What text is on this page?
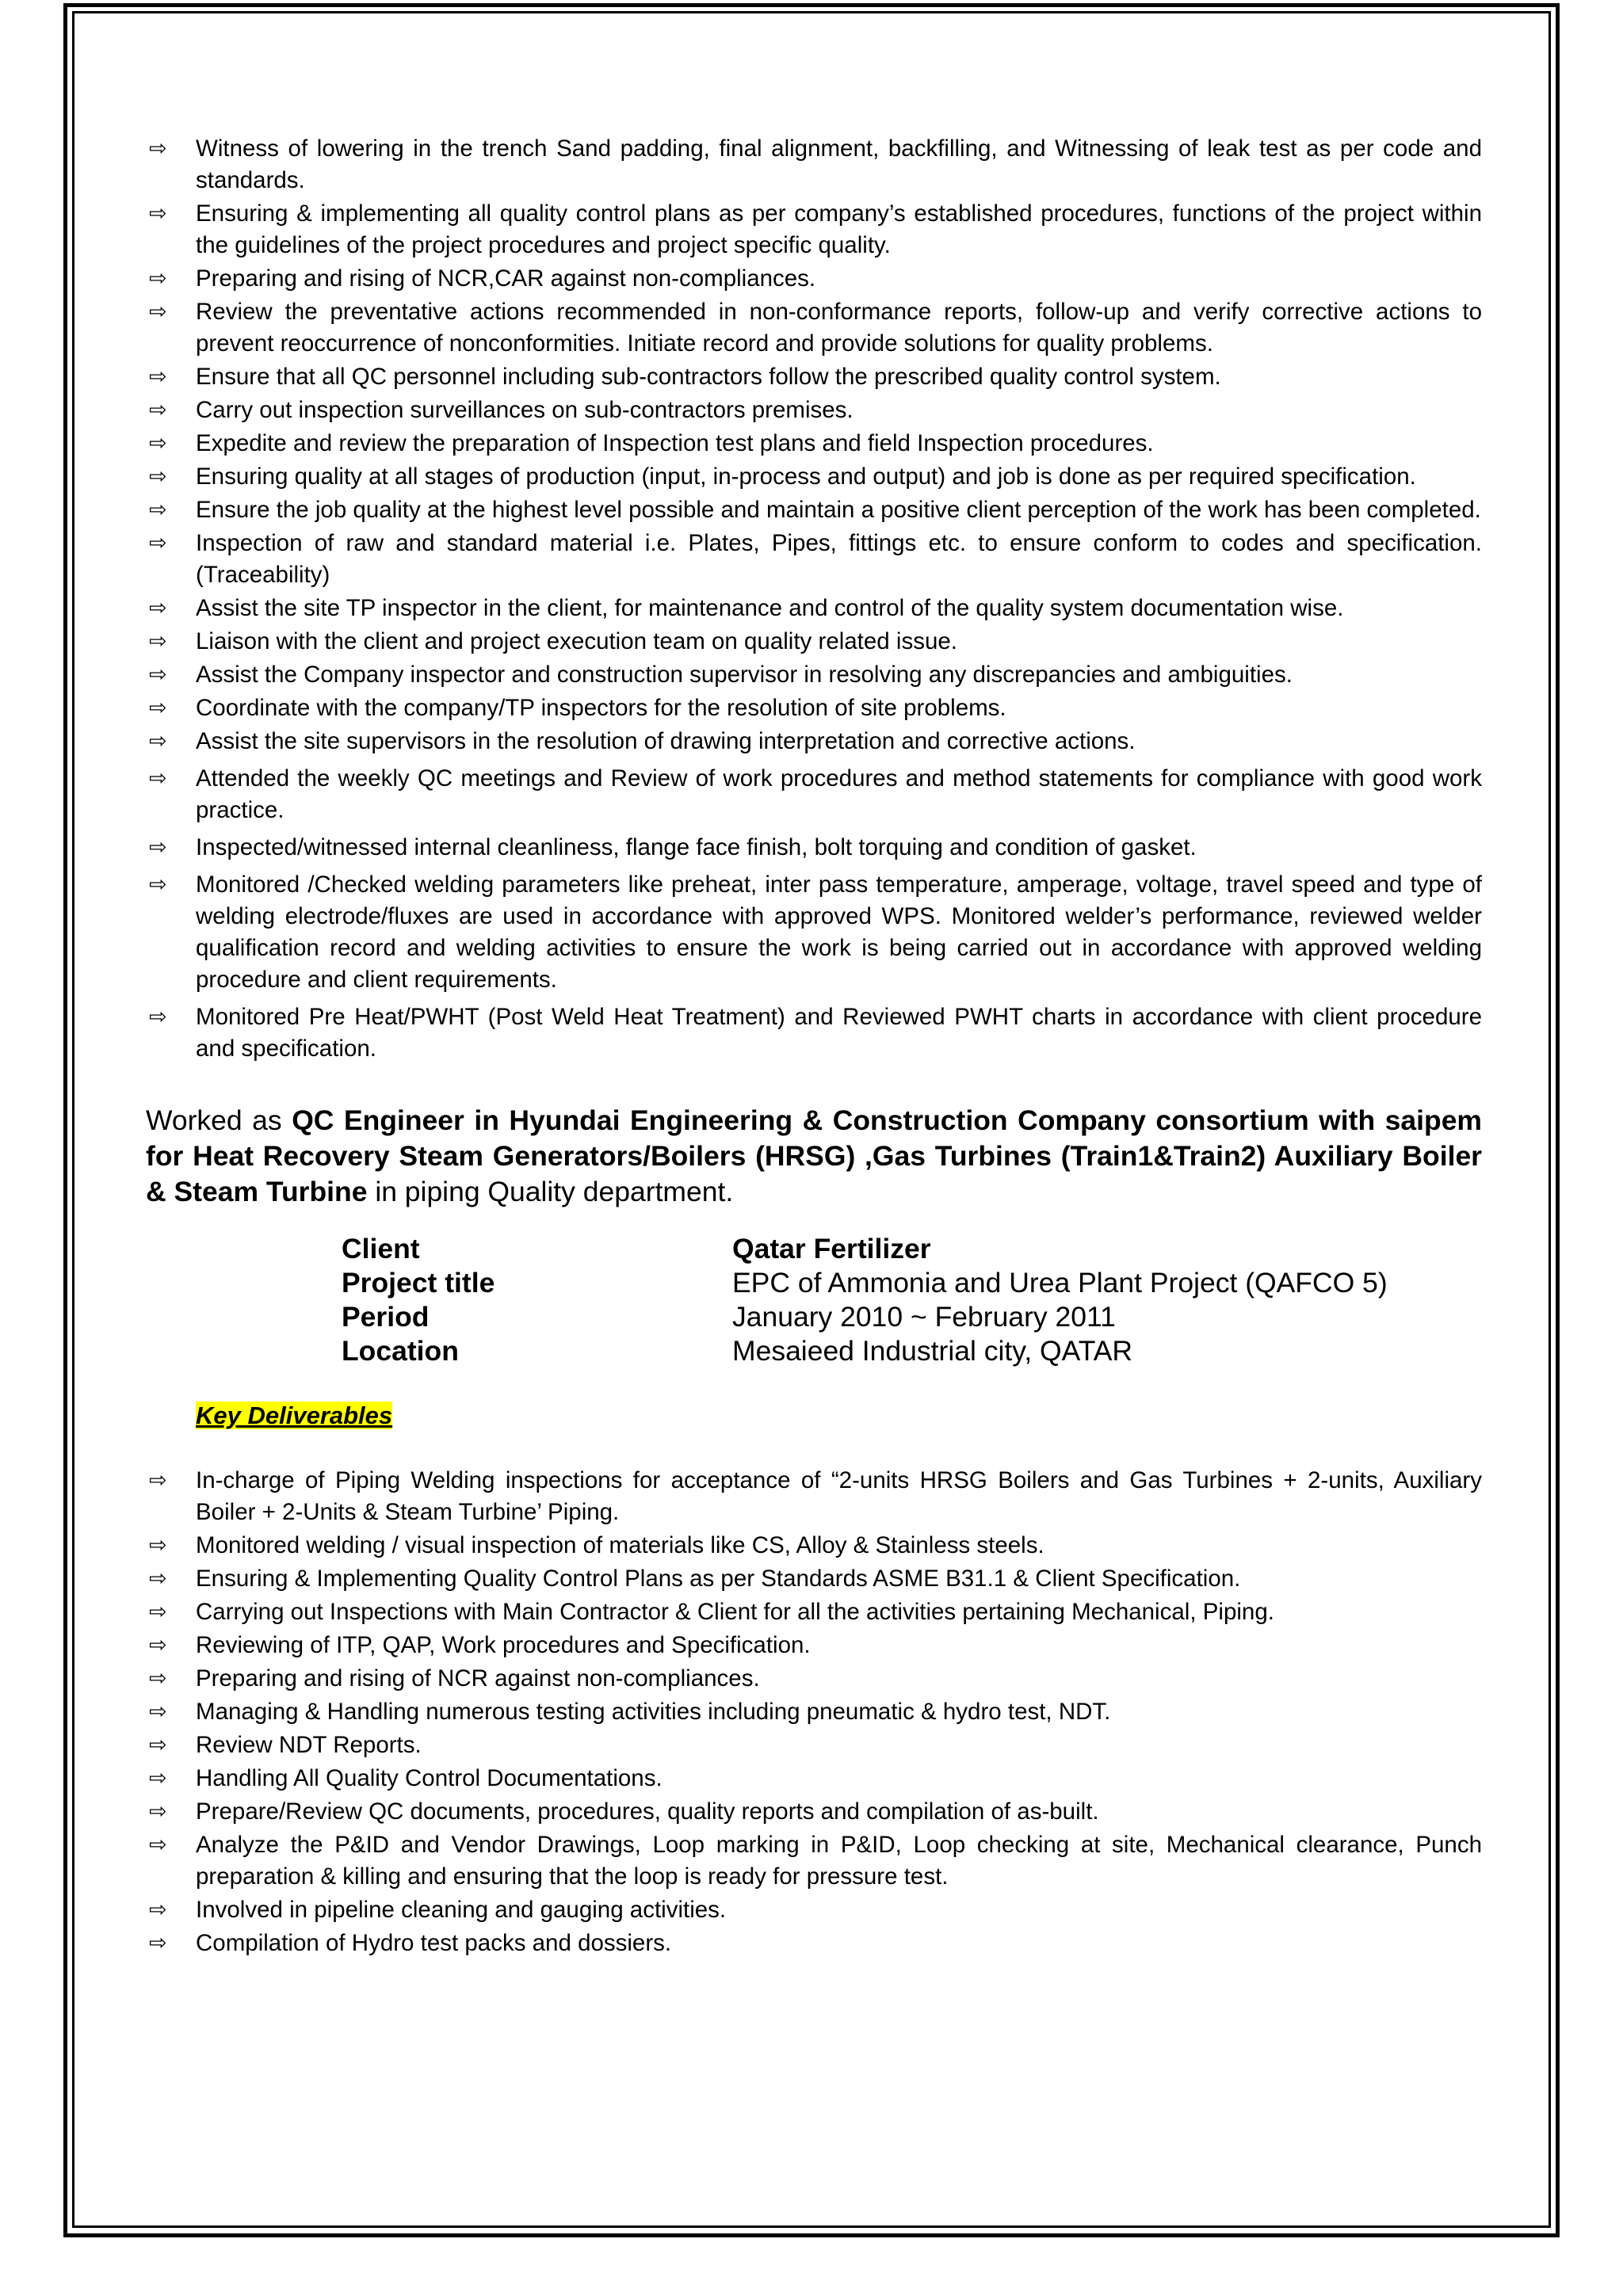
⇨ Witness of lowering in the trench Sand padding, final alignment, backfilling, and Witnessing of leak test as per code and standards.
⇨ Ensuring & implementing all quality control plans as per company’s established procedures, functions of the project within the guidelines of the project procedures and project specific quality.
⇨ Preparing and rising of NCR,CAR against non-compliances.
⇨ Review the preventative actions recommended in non-conformance reports, follow-up and verify corrective actions to prevent reoccurrence of nonconformities. Initiate record and provide solutions for quality problems.
⇨ Ensure that all QC personnel including sub-contractors follow the prescribed quality control system.
⇨ Carry out inspection surveillances on sub-contractors premises.
⇨ Expedite and review the preparation of Inspection test plans and field Inspection procedures.
⇨ Ensuring quality at all stages of production (input, in-process and output) and job is done as per required specification.
⇨ Ensure the job quality at the highest level possible and maintain a positive client perception of the work has been completed.
⇨ Inspection of raw and standard material i.e. Plates, Pipes, fittings etc. to ensure conform to codes and specification.(Traceability)
⇨ Assist the site TP inspector in the client, for maintenance and control of the quality system documentation wise.
⇨ Liaison with the client and project execution team on quality related issue.
⇨ Assist the Company inspector and construction supervisor in resolving any discrepancies and ambiguities.
⇨ Coordinate with the company/TP inspectors for the resolution of site problems.
⇨ Assist the site supervisors in the resolution of drawing interpretation and corrective actions.
⇨ Attended the weekly QC meetings and Review of work procedures and method statements for compliance with good work practice.
⇨ Inspected/witnessed internal cleanliness, flange face finish, bolt torquing and condition of gasket.
⇨ Monitored /Checked welding parameters like preheat, inter pass temperature, amperage, voltage, travel speed and type of welding electrode/fluxes are used in accordance with approved WPS. Monitored welder’s performance, reviewed welder qualification record and welding activities to ensure the work is being carried out in accordance with approved welding procedure and client requirements.
⇨ Monitored Pre Heat/PWHT (Post Weld Heat Treatment) and Reviewed PWHT charts in accordance with client procedure and specification.
Worked as QC Engineer in Hyundai Engineering & Construction Company consortium with saipem for Heat Recovery Steam Generators/Boilers (HRSG) ,Gas Turbines (Train1&Train2) Auxiliary Boiler & Steam Turbine in piping Quality department.
Client	Qatar Fertilizer
Project title	EPC of Ammonia and Urea Plant Project (QAFCO 5)
Period	January 2010 ~ February 2011
Location	Mesaieed Industrial city, QATAR
Key Deliverables
⇨ In-charge of Piping Welding inspections for acceptance of “2-units HRSG Boilers and Gas Turbines + 2-units, Auxiliary Boiler + 2-Units & Steam Turbine’ Piping.
⇨ Monitored welding / visual inspection of materials like CS, Alloy & Stainless steels.
⇨ Ensuring & Implementing Quality Control Plans as per Standards ASME B31.1 & Client Specification.
⇨ Carrying out Inspections with Main Contractor & Client for all the activities pertaining Mechanical, Piping.
⇨ Reviewing of ITP, QAP, Work procedures and Specification.
⇨ Preparing and rising of NCR against non-compliances.
⇨ Managing & Handling numerous testing activities including pneumatic & hydro test, NDT.
⇨ Review NDT Reports.
⇨ Handling All Quality Control Documentations.
⇨ Prepare/Review QC documents, procedures, quality reports and compilation of as-built.
⇨ Analyze the P&ID and Vendor Drawings, Loop marking in P&ID, Loop checking at site, Mechanical clearance, Punch preparation & killing and ensuring that the loop is ready for pressure test.
⇨ Involved in pipeline cleaning and gauging activities.
⇨ Compilation of Hydro test packs and dossiers.
